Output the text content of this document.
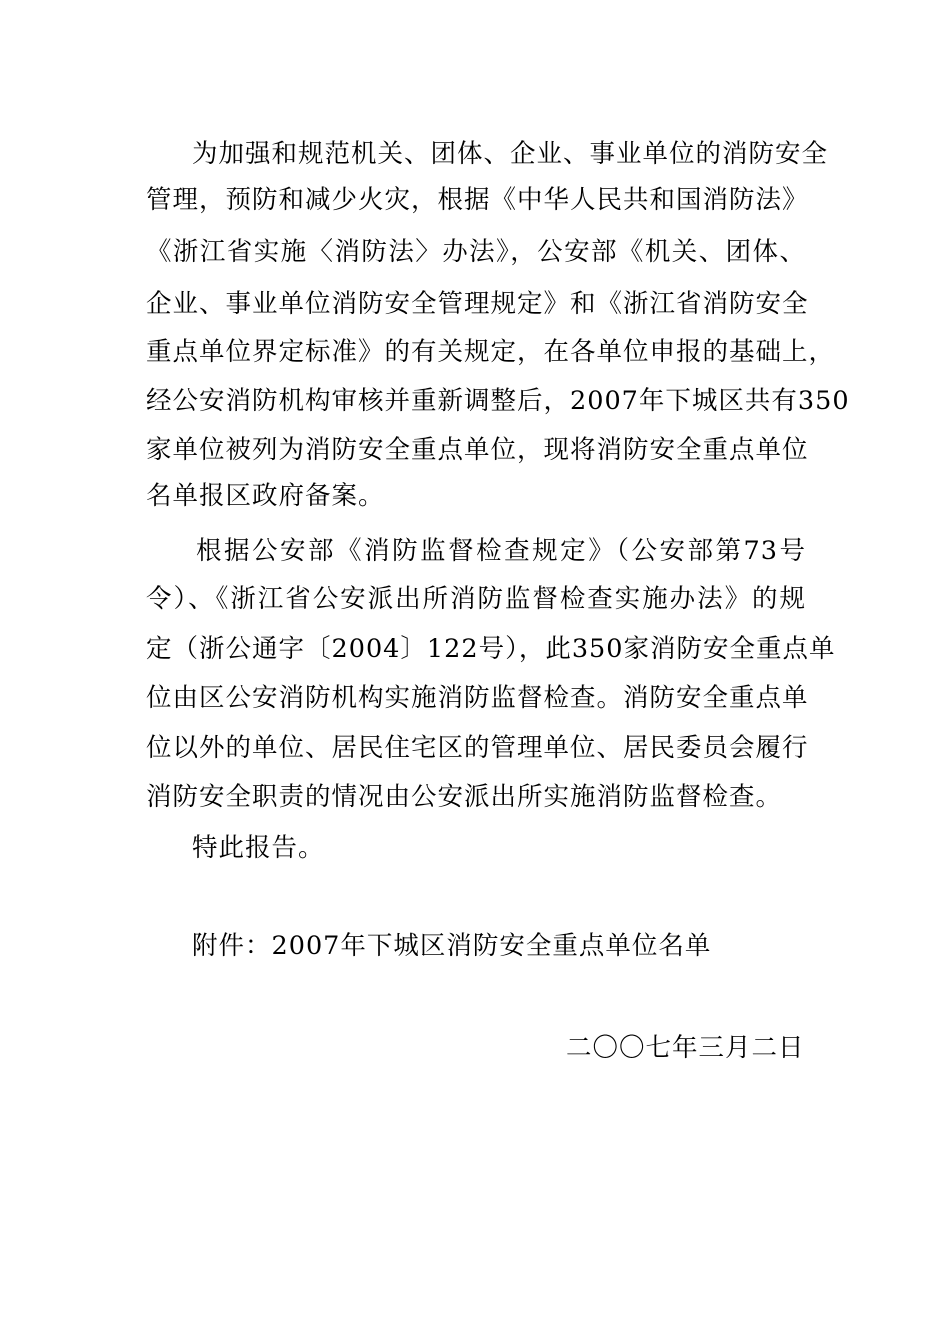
为加强和规范机关、团体、企业、事业单位的消防安全
管理，预防和减少火灾，根据《中华人民共和国消防法》
《浙江省实施〈消防法〉办法》，公安部《机关、团体、
企业、事业单位消防安全管理规定》和《浙江省消防安全
重点单位界定标准》的有关规定，在各单位申报的基础上，
经公安消防机构审核并重新调整后，2007年下城区共有350
家单位被列为消防安全重点单位，现将消防安全重点单位
名单报区政府备案。
根据公安部《消防监督检查规定》（公安部第73号
令）、《浙江省公安派出所消防监督检查实施办法》的规
定（浙公通字〔2004〕122号），此350家消防安全重点单
位由区公安消防机构实施消防监督检查。消防安全重点单
位以外的单位、居民住宅区的管理单位、居民委员会履行
消防安全职责的情况由公安派出所实施消防监督检查。
特此报告。
附件：2007年下城区消防安全重点单位名单
二〇〇七年三月二日
